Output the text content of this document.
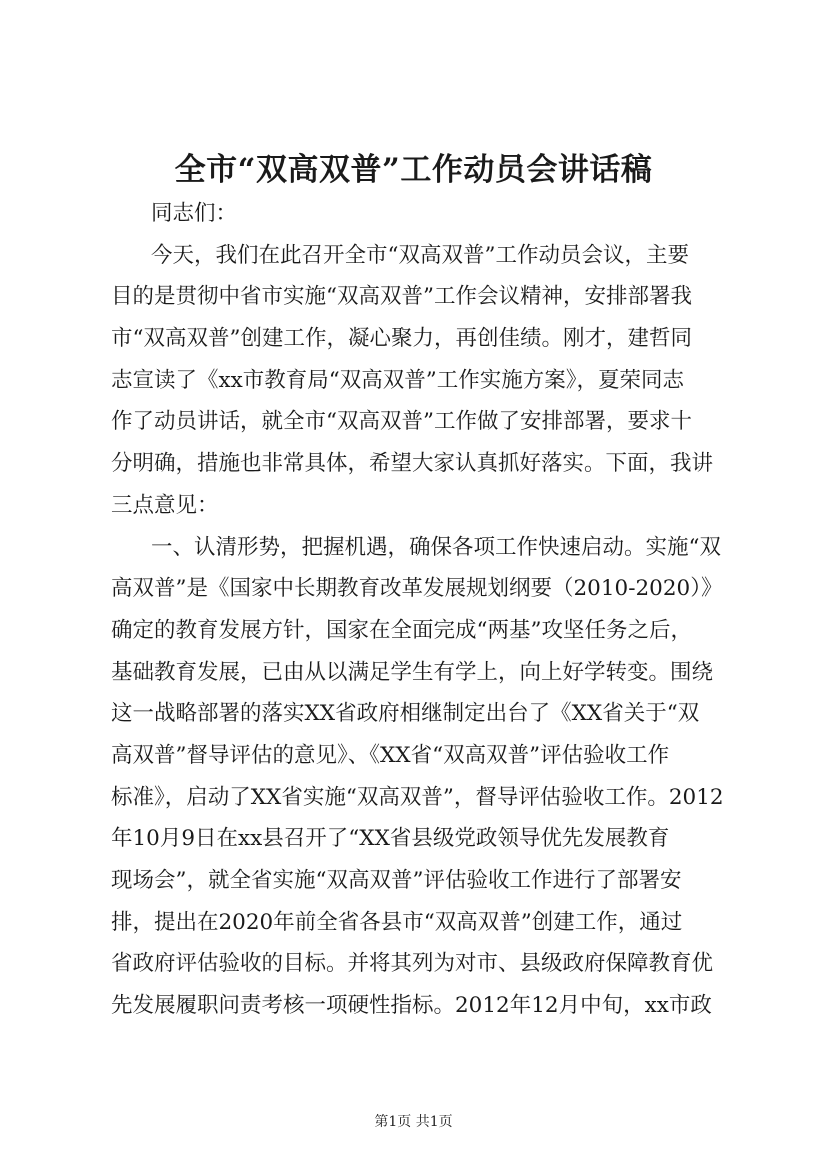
全市“双高双普”工作动员会讲话稿
同志们：
今天，我们在此召开全市“双高双普”工作动员会议，主要
目的是贯彻中省市实施“双高双普”工作会议精神，安排部署我
市“双高双普”创建工作，凝心聚力，再创佳绩。刚才，建哲同
志宣读了《xx市教育局“双高双普”工作实施方案》，夏荣同志
作了动员讲话，就全市“双高双普”工作做了安排部署，要求十
分明确，措施也非常具体，希望大家认真抓好落实。下面，我讲
三点意见：
一、认清形势，把握机遇，确保各项工作快速启动。实施“双
高双普”是《国家中长期教育改革发展规划纲要（2010-2020）》
确定的教育发展方针，国家在全面完成“两基”攻坚任务之后，
基础教育发展，已由从以满足学生有学上，向上好学转变。围绕
这一战略部署的落实XX省政府相继制定出台了《XX省关于“双
高双普”督导评估的意见》、《XX省“双高双普”评估验收工作
标准》，启动了XX省实施“双高双普”，督导评估验收工作。2012
年10月9日在xx县召开了“XX省县级党政领导优先发展教育
现场会”，就全省实施“双高双普”评估验收工作进行了部署安
排，提出在2020年前全省各县市“双高双普”创建工作，通过
省政府评估验收的目标。并将其列为对市、县级政府保障教育优
先发展履职问责考核一项硬性指标。2012年12月中旬，xx市政
第1页 共1页
